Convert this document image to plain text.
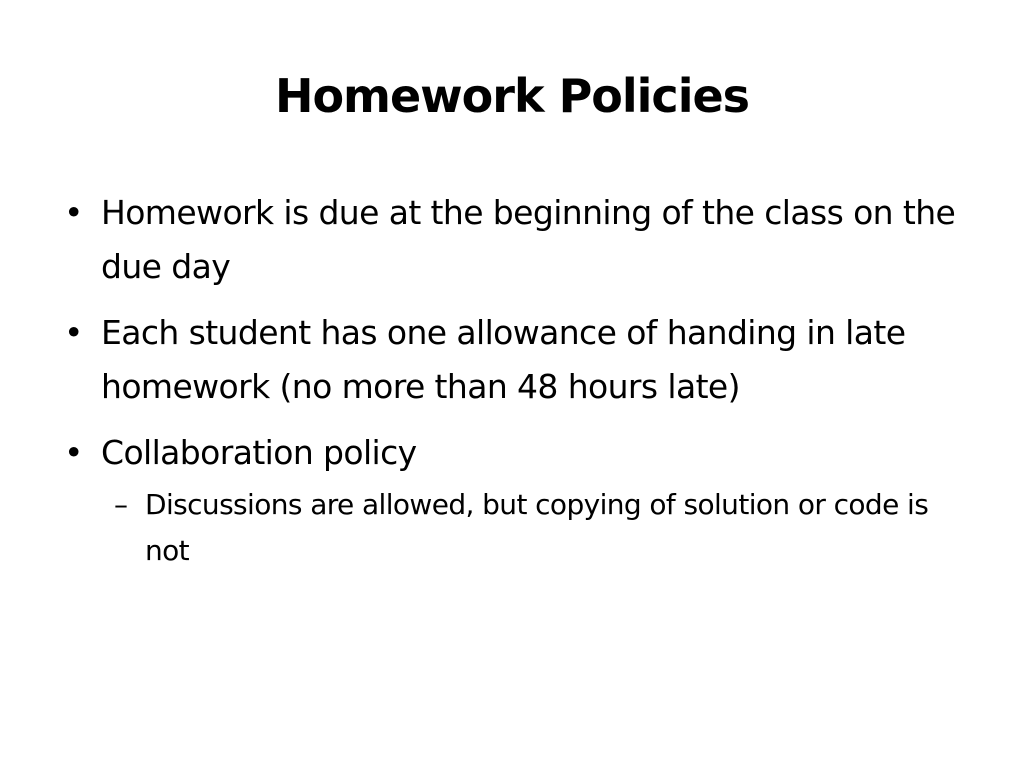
Homework Policies
• Homework is due at the beginning of the class on the due day
• Each student has one allowance of handing in late homework (no more than 48 hours late)
• Collaboration policy
– Discussions are allowed, but copying of solution or code is not
